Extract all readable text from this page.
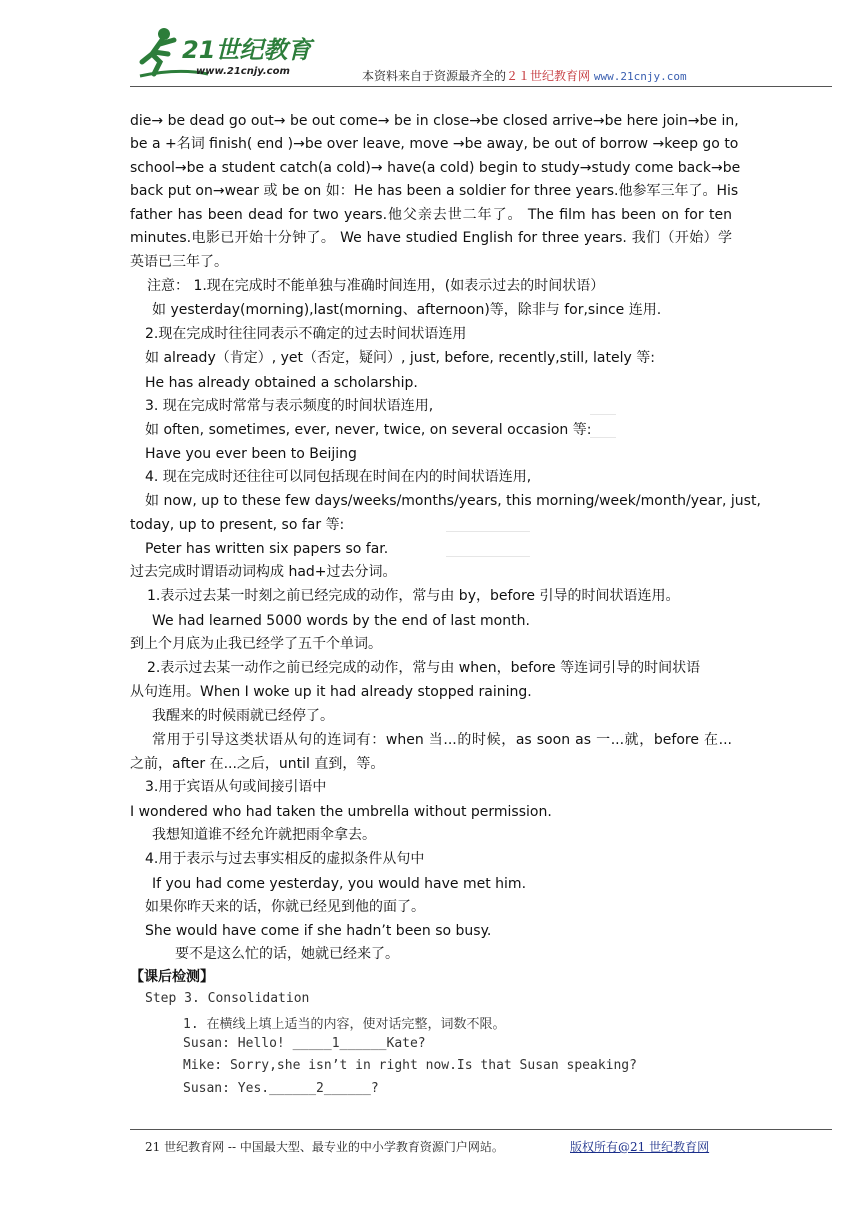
21世纪教育
www.21cnjy.com	本资料来自于资源最齐全的２１世纪教育网 www.21cnjy.com
die→ be dead go out→ be out come→ be in close→be closed arrive→be here join→be in,
be a +名词 finish( end )→be over leave, move →be away, be out of borrow →keep go to
school→be a student catch(a cold)→ have(a cold) begin to study→study come back→be
back put on→wear 或 be on 如：He has been a soldier for three years.他参军三年了。His
father has been dead for two years.他父亲去世二年了。 The film has been on for ten
minutes.电影已开始十分钟了。 We have studied English for three years. 我们（开始）学
英语已三年了。
注意： 1.现在完成时不能单独与准确时间连用，(如表示过去的时间状语）
如 yesterday(morning),last(morning、afternoon)等，除非与 for,since 连用.
2.现在完成时往往同表示不确定的过去时间状语连用
如 already（肯定）, yet（否定，疑问）, just, before, recently,still, lately 等:
He has already obtained a scholarship.
3. 现在完成时常常与表示频度的时间状语连用,
如 often, sometimes, ever, never, twice, on several occasion 等:
Have you ever been to Beijing
4. 现在完成时还往往可以同包括现在时间在内的时间状语连用,
如 now, up to these few days/weeks/months/years, this morning/week/month/year, just,
today, up to present, so far 等:
Peter has written six papers so far.
过去完成时谓语动词构成 had+过去分词。
1.表示过去某一时刻之前已经完成的动作，常与由 by，before 引导的时间状语连用。
We had learned 5000 words by the end of last month.
到上个月底为止我已经学了五千个单词。
2.表示过去某一动作之前已经完成的动作，常与由 when，before 等连词引导的时间状语
从句连用。When I woke up it had already stopped raining.
我醒来的时候雨就已经停了。
常用于引导这类状语从句的连词有：when 当...的时候，as soon as 一...就，before 在...
之前，after 在...之后，until 直到，等。
3.用于宾语从句或间接引语中
I wondered who had taken the umbrella without permission.
我想知道谁不经允许就把雨伞拿去。
4.用于表示与过去事实相反的虚拟条件从句中
If you had come yesterday, you would have met him.
如果你昨天来的话，你就已经见到他的面了。
She would have come if she hadn’t been so busy.
要不是这么忙的话，她就已经来了。
【课后检测】
Step 3. Consolidation
1. 在横线上填上适当的内容，使对话完整，词数不限。
Susan: Hello! _____1______Kate?
Mike: Sorry,she isn’t in right now.Is that Susan speaking?
Susan: Yes.______2______?
21 世纪教育网 -- 中国最大型、最专业的中小学教育资源门户网站。	版权所有@21 世纪教育网
